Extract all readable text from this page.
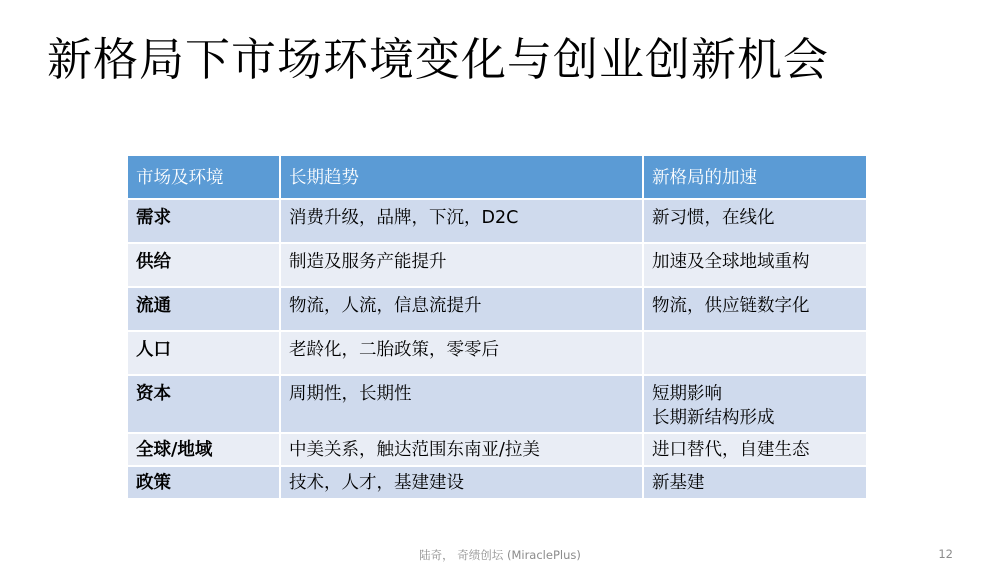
新格局下市场环境变化与创业创新机会
市场及环境	长期趋势	新格局的加速
需求	消费升级，品牌，下沉，D2C	新习惯，在线化
供给	制造及服务产能提升	加速及全球地域重构
流通	物流，人流，信息流提升	物流，供应链数字化
人口	老龄化，二胎政策，零零后	
资本	周期性，长期性	短期影响
长期新结构形成
全球/地域	中美关系，触达范围东南亚/拉美	进口替代，自建生态
政策	技术，人才，基建建设	新基建

陆奇， 奇绩创坛 (MiraclePlus)	12
